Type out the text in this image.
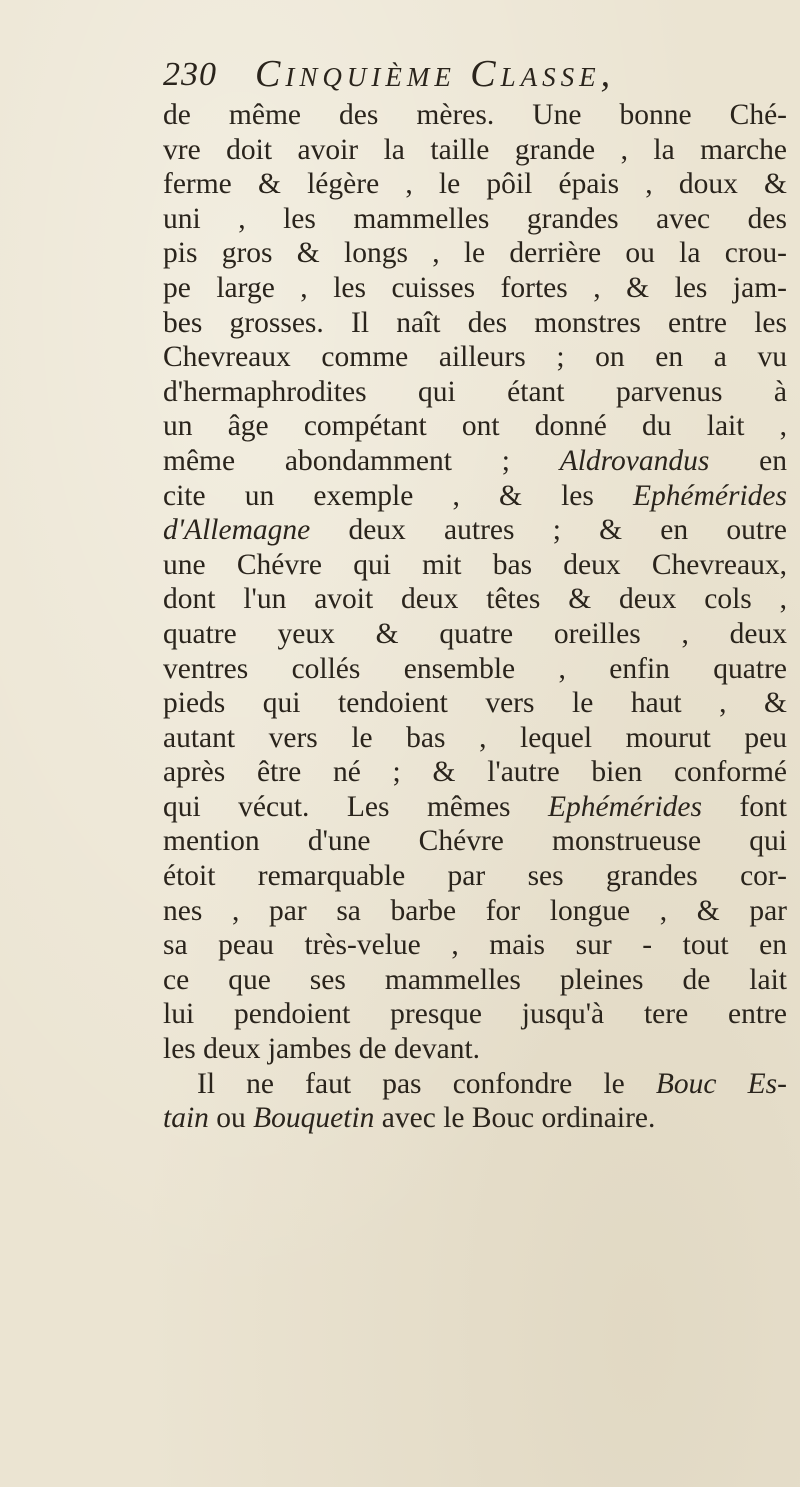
230 Cinquième Classe,
de même des mères. Une bonne Ché-
vre doit avoir la taille grande , la marche
ferme & légère , le pôil épais , doux &
uni , les mammelles grandes avec des
pis gros & longs , le derrière ou la crou-
pe large , les cuisses fortes , & les jam-
bes grosses. Il naît des monstres entre les
Chevreaux comme ailleurs ; on en a vu
d'hermaphrodites qui étant parvenus à
un âge compétant ont donné du lait ,
même abondamment ; Aldrovandus en
cite un exemple , & les Ephémérides
d'Allemagne deux autres ; & en outre
une Chévre qui mit bas deux Chevreaux,
dont l'un avoit deux têtes & deux cols ,
quatre yeux & quatre oreilles , deux
ventres collés ensemble , enfin quatre
pieds qui tendoient vers le haut , &
autant vers le bas , lequel mourut peu
après être né ; & l'autre bien conformé
qui vécut. Les mêmes Ephémérides font
mention d'une Chévre monstrueuse qui
étoit remarquable par ses grandes cor-
nes , par sa barbe for longue , & par
sa peau très-velue , mais sur - tout en
ce que ses mammelles pleines de lait
lui pendoient presque jusqu'à tere entre
les deux jambes de devant.
Il ne faut pas confondre le Bouc Es-
tain ou Bouquetin avec le Bouc ordinaire.
